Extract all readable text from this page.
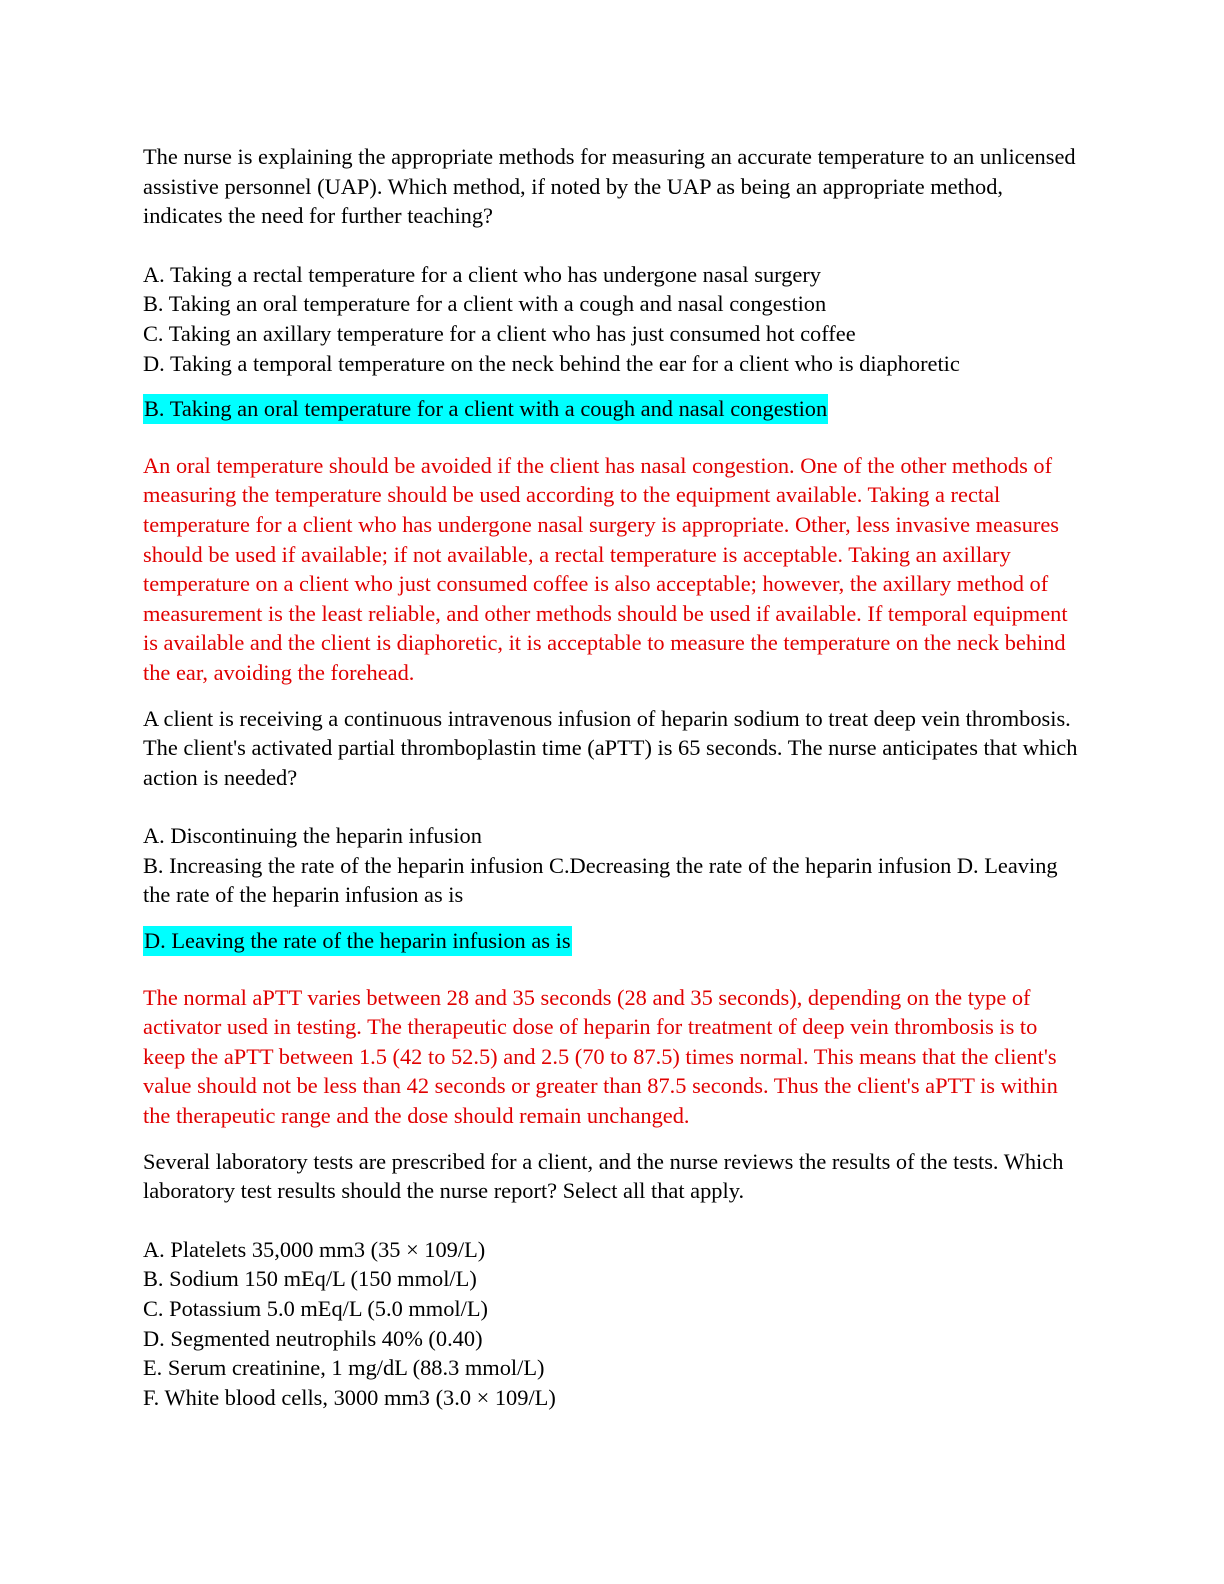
The nurse is explaining the appropriate methods for measuring an accurate temperature to an unlicensed assistive personnel (UAP). Which method, if noted by the UAP as being an appropriate method, indicates the need for further teaching?

A. Taking a rectal temperature for a client who has undergone nasal surgery

B. Taking an oral temperature for a client with a cough and nasal congestion

C. Taking an axillary temperature for a client who has just consumed hot coffee

D. Taking a temporal temperature on the neck behind the ear for a client who is diaphoretic

B. Taking an oral temperature for a client with a cough and nasal congestion

An oral temperature should be avoided if the client has nasal congestion. One of the other methods of measuring the temperature should be used according to the equipment available. Taking a rectal temperature for a client who has undergone nasal surgery is appropriate. Other, less invasive measures should be used if available; if not available, a rectal temperature is acceptable. Taking an axillary temperature on a client who just consumed coffee is also acceptable; however, the axillary method of measurement is the least reliable, and other methods should be used if available. If temporal equipment is available and the client is diaphoretic, it is acceptable to measure the temperature on the neck behind the ear, avoiding the forehead.

A client is receiving a continuous intravenous infusion of heparin sodium to treat deep vein thrombosis. The client's activated partial thromboplastin time (aPTT) is 65 seconds. The nurse anticipates that which action is needed?

A. Discontinuing the heparin infusion

B. Increasing the rate of the heparin infusion C.Decreasing the rate of the heparin infusion D. Leaving the rate of the heparin infusion as is

D. Leaving the rate of the heparin infusion as is

The normal aPTT varies between 28 and 35 seconds (28 and 35 seconds), depending on the type of activator used in testing. The therapeutic dose of heparin for treatment of deep vein thrombosis is to keep the aPTT between 1.5 (42 to 52.5) and 2.5 (70 to 87.5) times normal. This means that the client's value should not be less than 42 seconds or greater than 87.5 seconds. Thus the client's aPTT is within the therapeutic range and the dose should remain unchanged.

Several laboratory tests are prescribed for a client, and the nurse reviews the results of the tests. Which laboratory test results should the nurse report? Select all that apply.

A. Platelets 35,000 mm3 (35 × 109/L)

B. Sodium 150 mEq/L (150 mmol/L)

C. Potassium 5.0 mEq/L (5.0 mmol/L)

D. Segmented neutrophils 40% (0.40)

E. Serum creatinine, 1 mg/dL (88.3 mmol/L)

F. White blood cells, 3000 mm3 (3.0 × 109/L)
